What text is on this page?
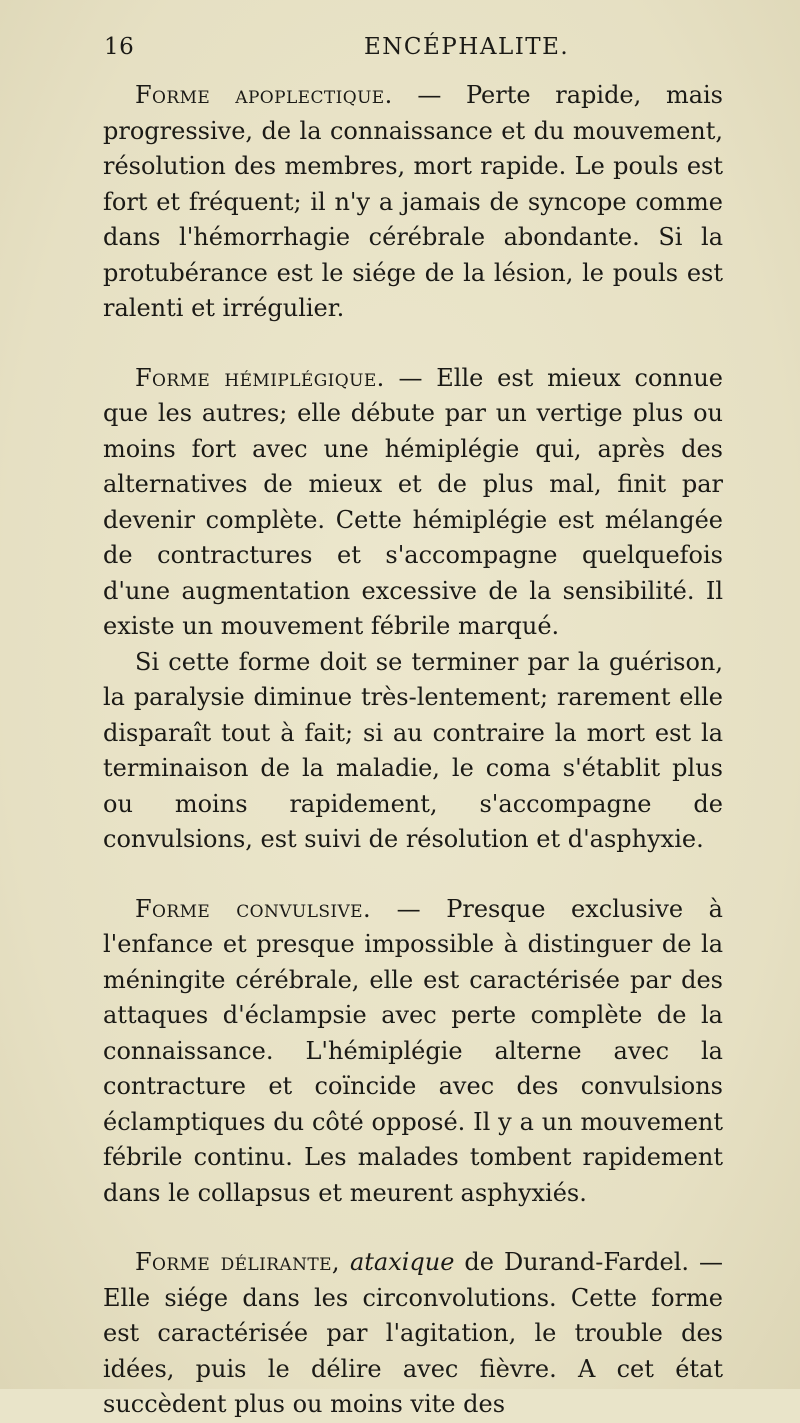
16	ENCÉPHALITE.

Forme apoplectique. — Perte rapide, mais progressive, de la connaissance et du mouvement, résolution des membres, mort rapide. Le pouls est fort et fréquent; il n'y a jamais de syncope comme dans l'hémorrhagie cérébrale abondante. Si la protubérance est le siége de la lésion, le pouls est ralenti et irrégulier.

Forme hémiplégique. — Elle est mieux connue que les autres; elle débute par un vertige plus ou moins fort avec une hémiplégie qui, après des alternatives de mieux et de plus mal, finit par devenir complète. Cette hémiplégie est mélangée de contractures et s'accompagne quelquefois d'une augmentation excessive de la sensibilité. Il existe un mouvement fébrile marqué.

Si cette forme doit se terminer par la guérison, la paralysie diminue très-lentement; rarement elle disparaît tout à fait; si au contraire la mort est la terminaison de la maladie, le coma s'établit plus ou moins rapidement, s'accompagne de convulsions, est suivi de résolution et d'asphyxie.

Forme convulsive. — Presque exclusive à l'enfance et presque impossible à distinguer de la méningite cérébrale, elle est caractérisée par des attaques d'éclampsie avec perte complète de la connaissance. L'hémiplégie alterne avec la contracture et coïncide avec des convulsions éclamptiques du côté opposé. Il y a un mouvement fébrile continu. Les malades tombent rapidement dans le collapsus et meurent asphyxiés.

Forme délirante, ataxique de Durand-Fardel. — Elle siége dans les circonvolutions. Cette forme est caractérisée par l'agitation, le trouble des idées, puis le délire avec fièvre. A cet état succèdent plus ou moins vite des
